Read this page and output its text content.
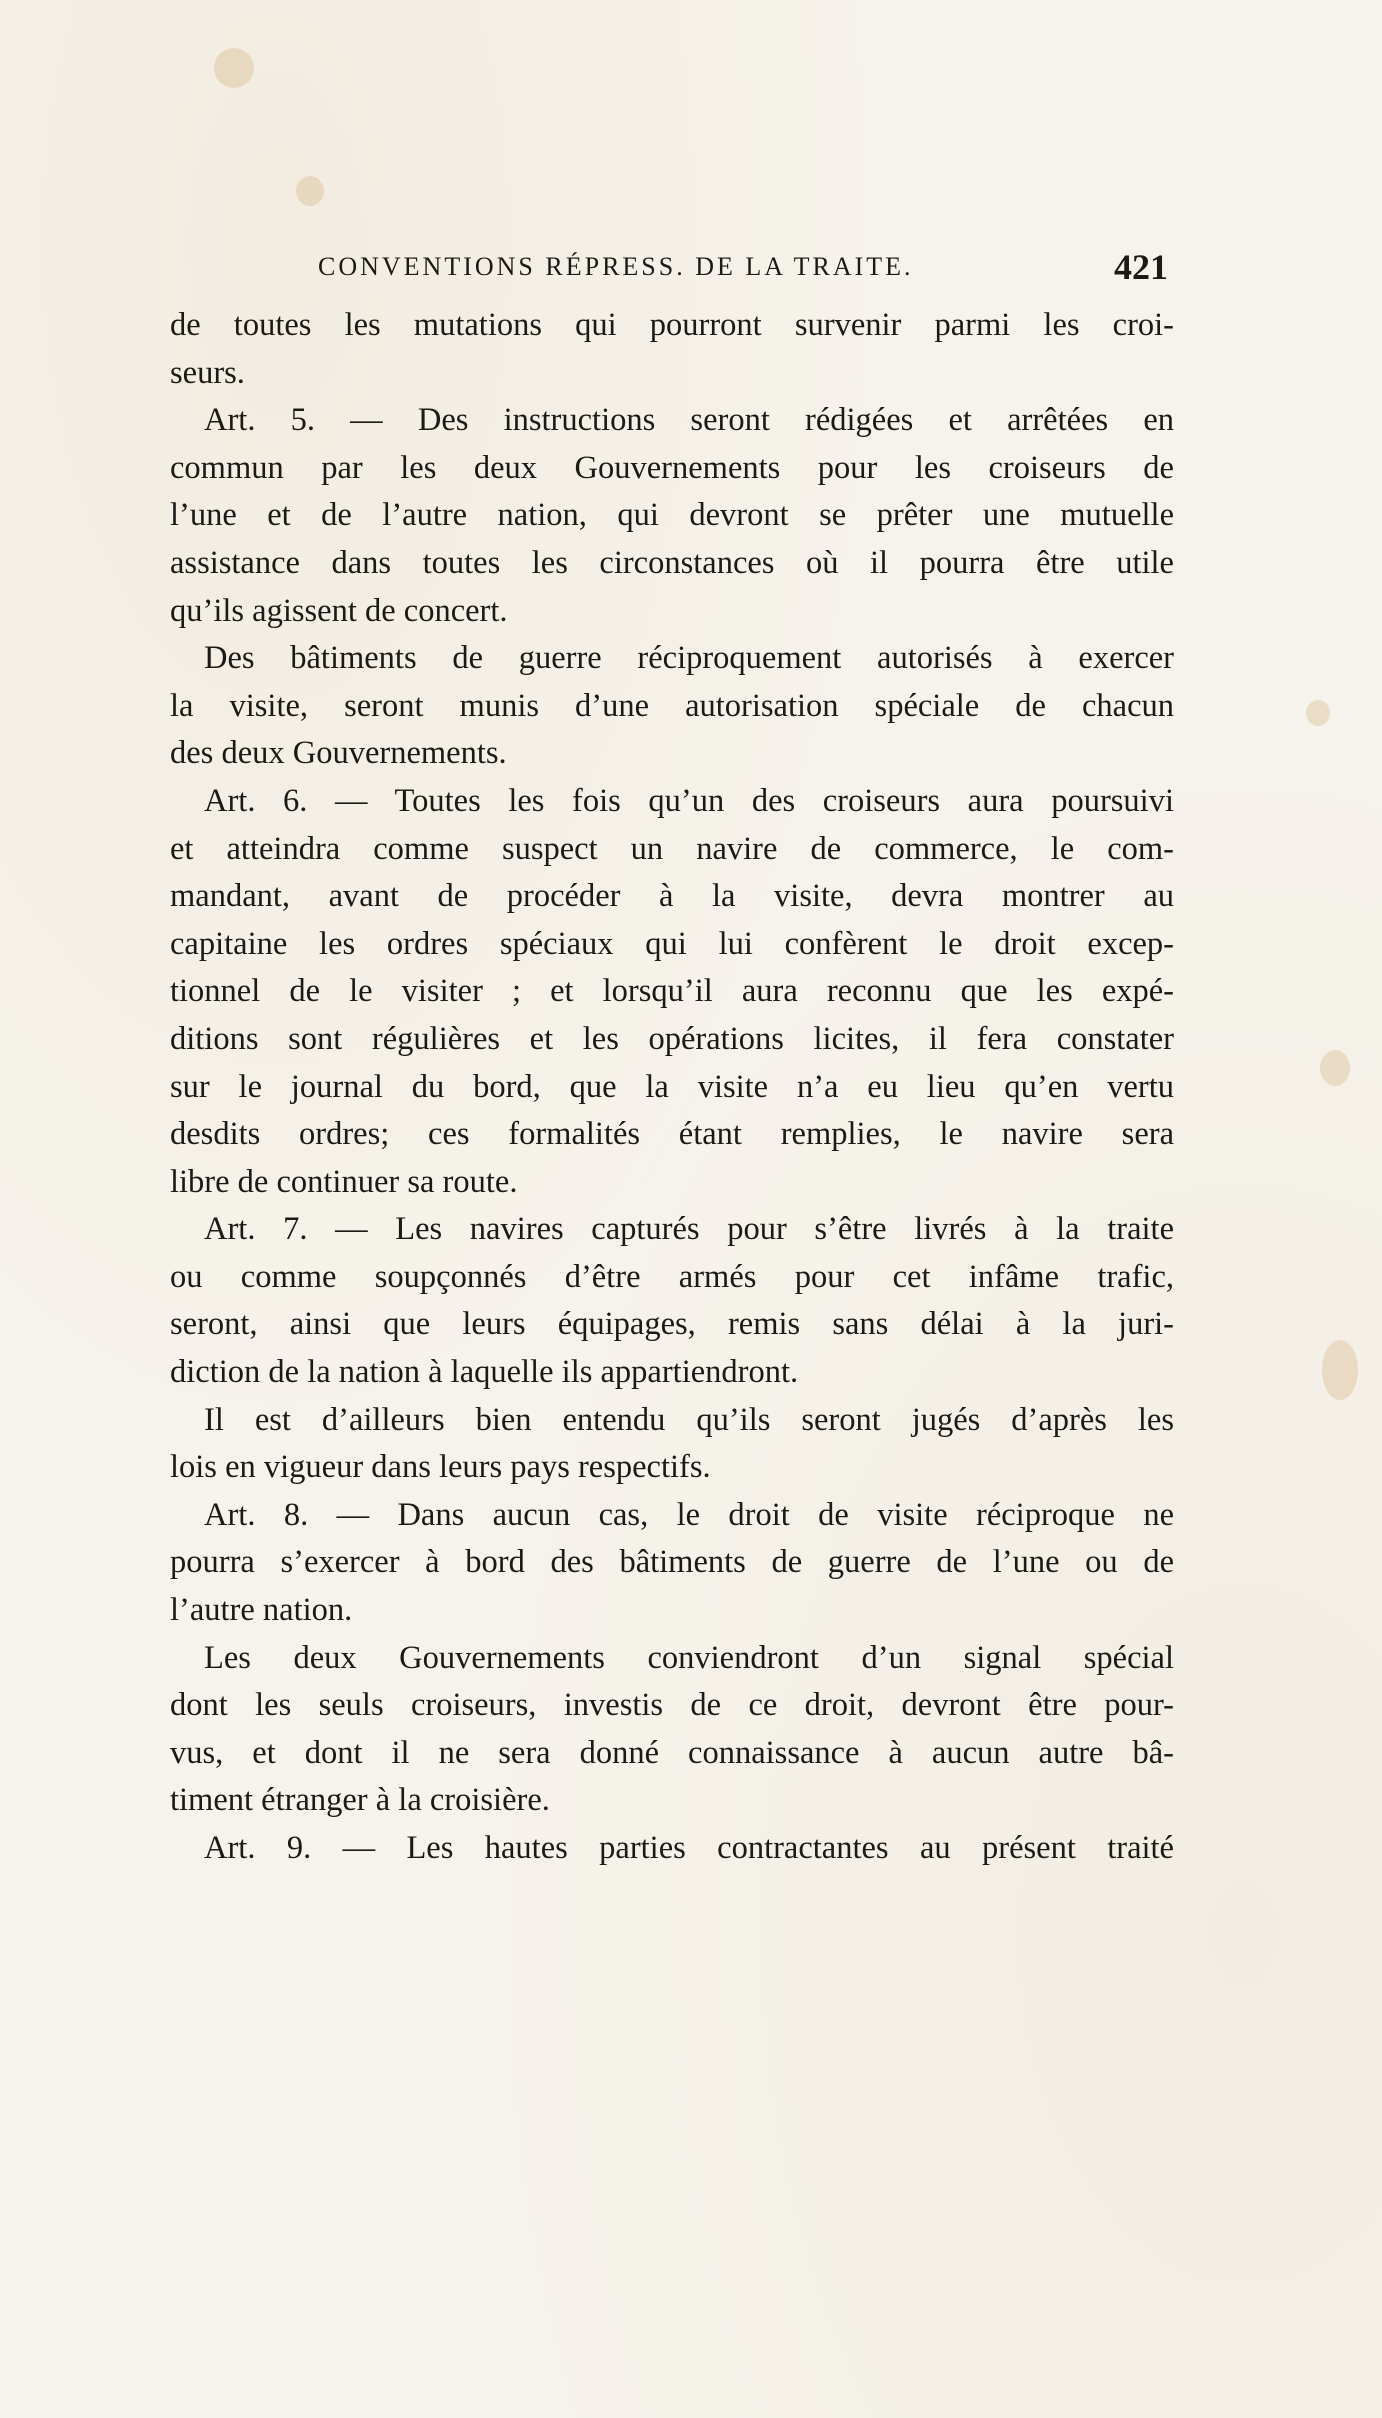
CONVENTIONS RÉPRESS. DE LA TRAITE.	421
de toutes les mutations qui pourront survenir parmi les croi-
seurs.
Art. 5. — Des instructions seront rédigées et arrêtées en
commun par les deux Gouvernements pour les croiseurs de
l’une et de l’autre nation, qui devront se prêter une mutuelle
assistance dans toutes les circonstances où il pourra être utile
qu’ils agissent de concert.
Des bâtiments de guerre réciproquement autorisés à exercer
la visite, seront munis d’une autorisation spéciale de chacun
des deux Gouvernements.
Art. 6. — Toutes les fois qu’un des croiseurs aura poursuivi
et atteindra comme suspect un navire de commerce, le com-
mandant, avant de procéder à la visite, devra montrer au
capitaine les ordres spéciaux qui lui confèrent le droit excep-
tionnel de le visiter ; et lorsqu’il aura reconnu que les expé-
ditions sont régulières et les opérations licites, il fera constater
sur le journal du bord, que la visite n’a eu lieu qu’en vertu
desdits ordres; ces formalités étant remplies, le navire sera
libre de continuer sa route.
Art. 7. — Les navires capturés pour s’être livrés à la traite
ou comme soupçonnés d’être armés pour cet infâme trafic,
seront, ainsi que leurs équipages, remis sans délai à la juri-
diction de la nation à laquelle ils appartiendront.
Il est d’ailleurs bien entendu qu’ils seront jugés d’après les
lois en vigueur dans leurs pays respectifs.
Art. 8. — Dans aucun cas, le droit de visite réciproque ne
pourra s’exercer à bord des bâtiments de guerre de l’une ou de
l’autre nation.
Les deux Gouvernements conviendront d’un signal spécial
dont les seuls croiseurs, investis de ce droit, devront être pour-
vus, et dont il ne sera donné connaissance à aucun autre bâ-
timent étranger à la croisière.
Art. 9. — Les hautes parties contractantes au présent traité
